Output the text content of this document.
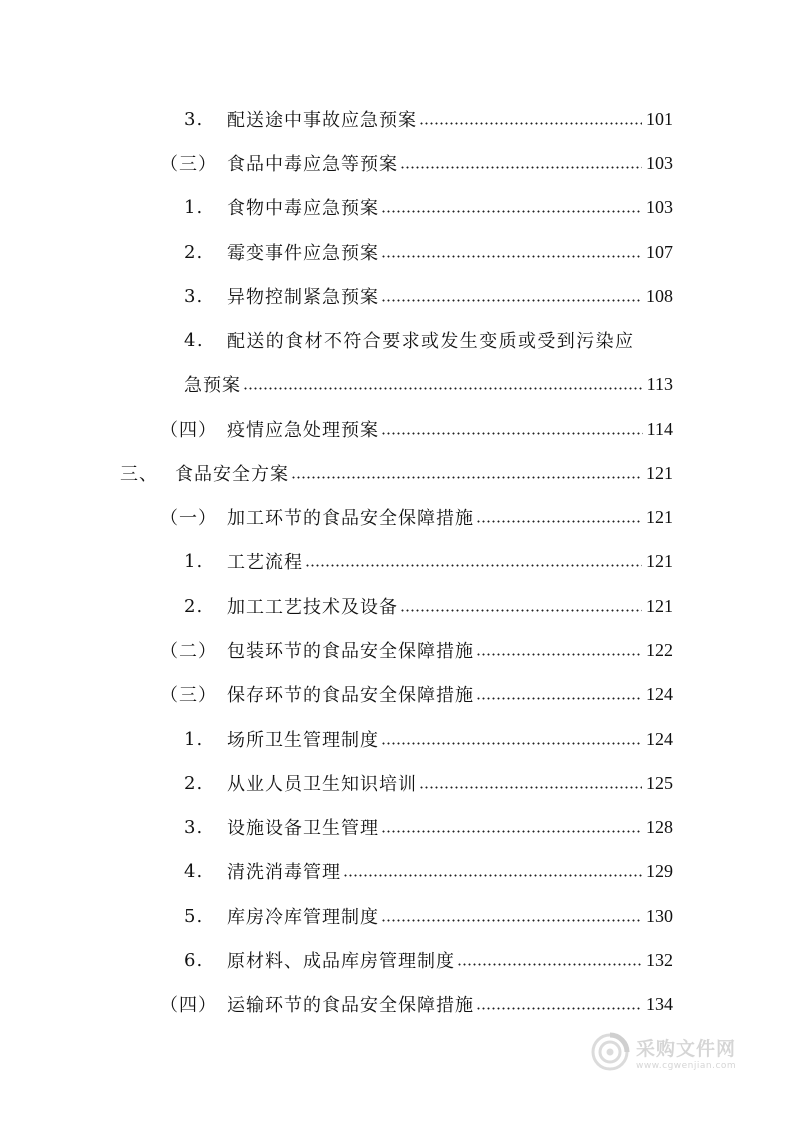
3.	配送途中事故应急预案	101
（三） 食品中毒应急等预案	103
1.	食物中毒应急预案	103
2.	霉变事件应急预案	107
3.	异物控制紧急预案	108
4.	配送的食材不符合要求或发生变质或受到污染应
急预案	113
（四） 疫情应急处理预案	114
三、 食品安全方案	121
（一） 加工环节的食品安全保障措施	121
1.	工艺流程	121
2.	加工工艺技术及设备	121
（二） 包装环节的食品安全保障措施	122
（三） 保存环节的食品安全保障措施	124
1.	场所卫生管理制度	124
2.	从业人员卫生知识培训	125
3.	设施设备卫生管理	128
4.	清洗消毒管理	129
5.	库房冷库管理制度	130
6.	原材料、成品库房管理制度	132
（四） 运输环节的食品安全保障措施	134
采购文件网
www.cgwenjian.com
